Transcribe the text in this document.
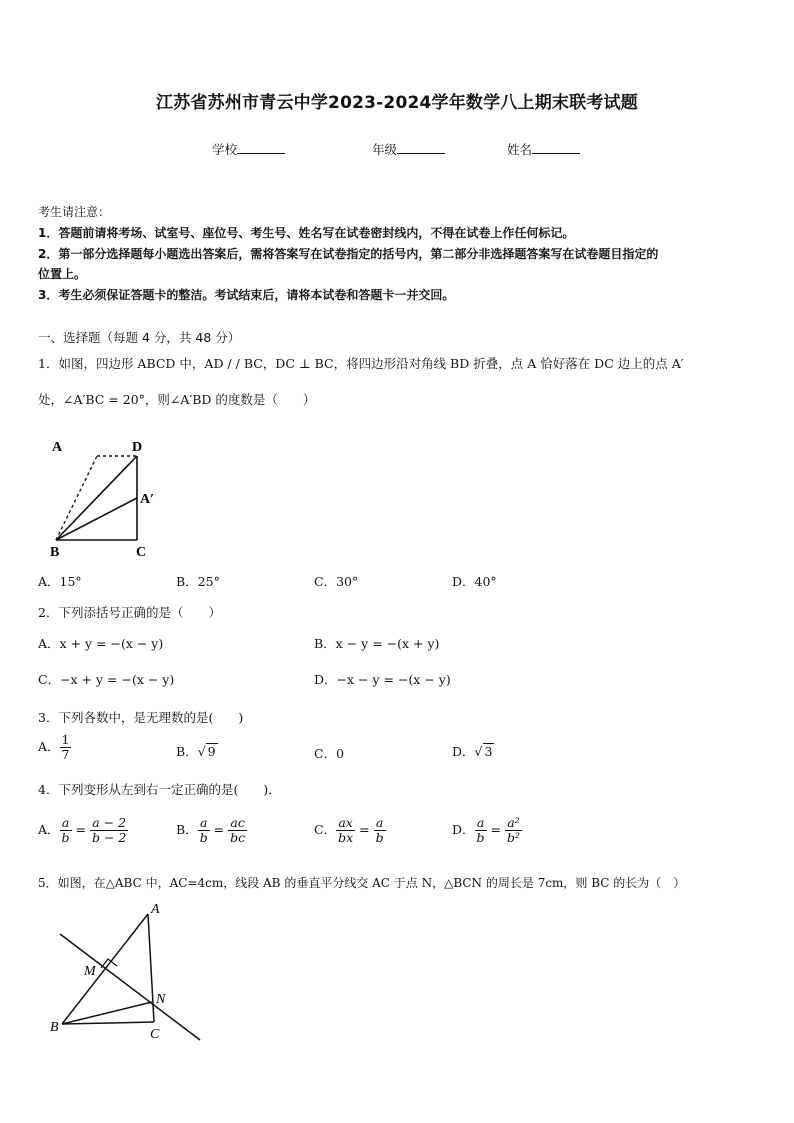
江苏省苏州市青云中学2023-2024学年数学八上期末联考试题
学校	年级	姓名
考生请注意：
1．答题前请将考场、试室号、座位号、考生号、姓名写在试卷密封线内，不得在试卷上作任何标记。
2．第一部分选择题每小题选出答案后，需将答案写在试卷指定的括号内，第二部分非选择题答案写在试卷题目指定的
位置上。
3．考生必须保证答题卡的整洁。考试结束后，请将本试卷和答题卡一并交回。
一、选择题（每题 4 分，共 48 分）
1．如图，四边形 ABCD 中，AD / / BC，DC ⊥ BC，将四边形沿对角线 BD 折叠，点 A 恰好落在 DC 边上的点 A′
处，∠A′BC = 20°，则∠A′BD 的度数是（　　）
A	D
A′
B	C
A．15°	B．25°	C．30°	D．40°
2．下列添括号正确的是（　　）
A．x + y = −(x − y)	B．x − y = −(x + y)
C．−x + y = −(x − y)	D．−x − y = −(x − y)
3．下列各数中，是无理数的是(　　)
A． $\frac{1}{7}$	B．√ 9	C．0	D．√ 3
4．下列变形从左到右一定正确的是(　　)．
A． $\frac{a}{b} = \frac{a - 2}{b - 2}$	B． $\frac{a}{b} = \frac{ac}{bc}$	C． $\frac{ax}{bx} = \frac{a}{b}$	D． $\frac{a}{b} = \frac{\text{a²}}{\text{b²}}$
5．如图，在△ABC 中，AC=4cm，线段 AB 的垂直平分线交 AC 于点 N，△BCN 的周长是 7cm，则 BC 的长为（　）
A
M
N
B	C
